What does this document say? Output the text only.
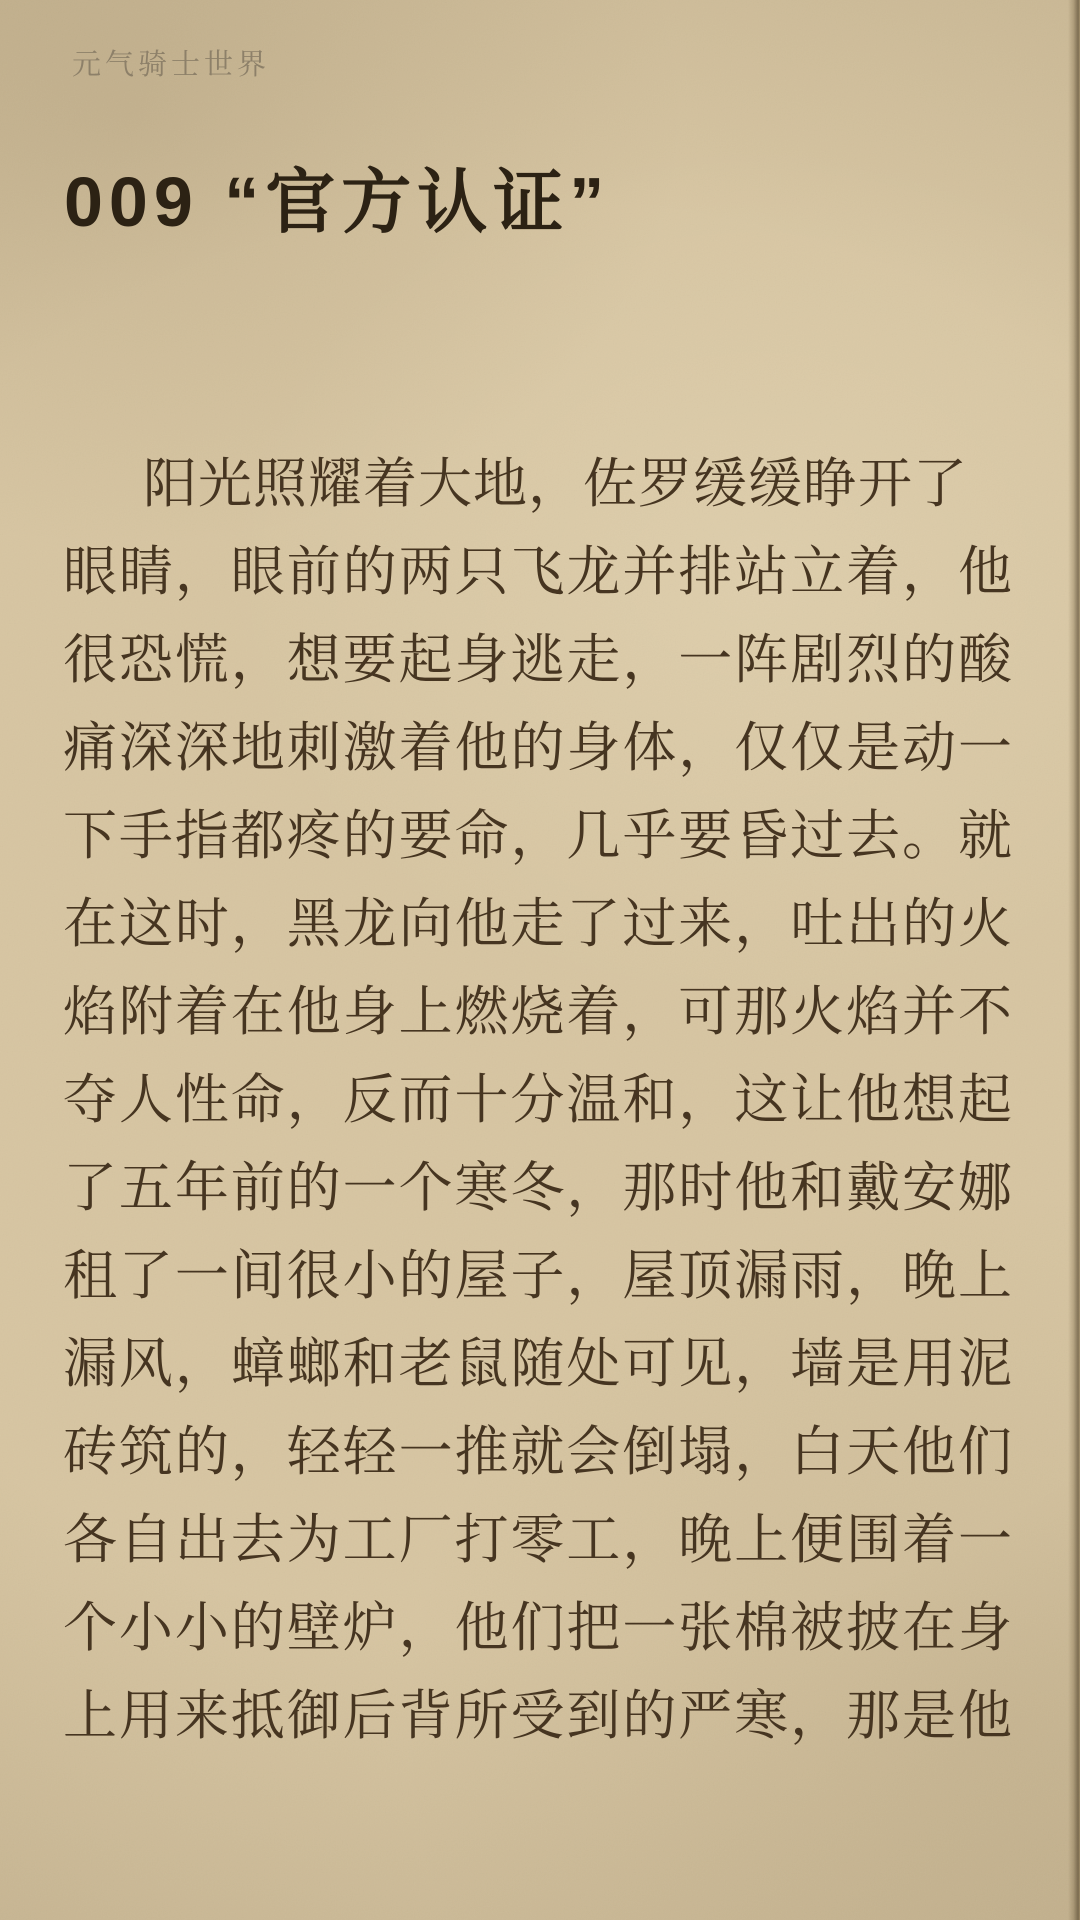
元气骑士世界
009 “官方认证”
阳光照耀着大地，佐罗缓缓睁开了
眼睛，眼前的两只飞龙并排站立着，他
很恐慌，想要起身逃走，一阵剧烈的酸
痛深深地刺激着他的身体，仅仅是动一
下手指都疼的要命，几乎要昏过去。就
在这时，黑龙向他走了过来，吐出的火
焰附着在他身上燃烧着，可那火焰并不
夺人性命，反而十分温和，这让他想起
了五年前的一个寒冬，那时他和戴安娜
租了一间很小的屋子，屋顶漏雨，晚上
漏风，蟑螂和老鼠随处可见，墙是用泥
砖筑的，轻轻一推就会倒塌，白天他们
各自出去为工厂打零工，晚上便围着一
个小小的壁炉，他们把一张棉被披在身
上用来抵御后背所受到的严寒，那是他
